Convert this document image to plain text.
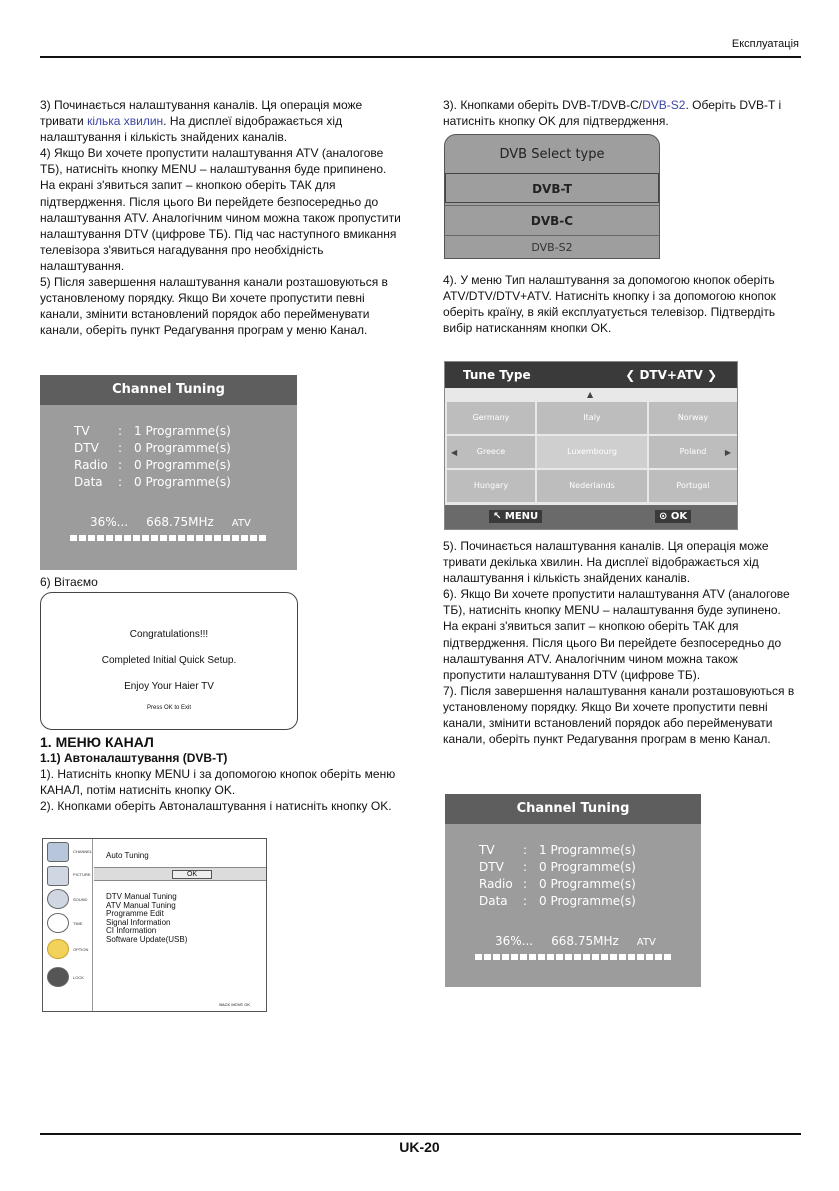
Експлуатація

3) Починається налаштування каналів. Ця операція може тривати кілька хвилин. На дисплеї відображається хід налаштування і кількість знайдених каналів.

4) Якщо Ви хочете пропустити налаштування ATV (аналогове ТБ), натисніть кнопку MENU – налаштування буде припинено. На екрані з'явиться запит – кнопкою оберіть ТАК для підтвердження. Після цього Ви перейдете безпосередньо до налаштування ATV. Аналогічним чином можна також пропустити налаштування DTV (цифрове ТБ). Під час наступного вмикання телевізора з'явиться нагадування про необхідність налаштування.

5) Після завершення налаштування канали розташовуються в установленому порядку. Якщо Ви хочете пропустити певні канали, змінити встановлений порядок або перейменувати канали, оберіть пункт Редагування програм у меню Канал.

Channel Tuning
TV : 1 Programme(s)
DTV : 0 Programme(s)
Radio : 0 Programme(s)
Data : 0 Programme(s)
36%... 668.75MHz ATV
6) Вітаємо
Congratulations!!!
Completed Initial Quick Setup.
Enjoy Your Haier TV
Press OK to Exit

1. МЕНЮ КАНАЛ

1.1) Автоналаштування (DVB-T)

1). Натисніть кнопку MENU і за допомогою кнопок оберіть меню КАНАЛ, потім натисніть кнопку OK.

2). Кнопками оберіть Автоналаштування і натисніть кнопку OK.

CHANNEL
PICTURE
SOUND
TIME
OPTION
LOCK
Auto Tuning
OK
DTV Manual Tuning
ATV Manual Tuning
Programme Edit
Signal Information
CI Information
Software Update(USB)
BACK MOVE OK

3). Кнопками оберіть DVB-T/DVB-C/DVB-S2. Оберіть DVB-T і натисніть кнопку OK для підтвердження.

DVB Select type
DVB-T
DVB-C
DVB-S2
4). У меню Тип налаштування за допомогою кнопок оберіть ATV/DTV/DTV+ATV. Натисніть кнопку і за допомогою кнопок оберіть країну, в якій експлуатується телевізор. Підтвердіть вибір натисканням кнопки OK.
Tune Type	❮ DTV+ATV ❯
▲
Germany	Italy	Norway
Greece	Luxembourg	Poland
Hungary	Nederlands	Portugal
◀	▶
↖ MENU	⊙ OK

5). Починається налаштування каналів. Ця операція може тривати декілька хвилин. На дисплеї відображається хід налаштування і кількість знайдених каналів.

6). Якщо Ви хочете пропустити налаштування ATV (аналогове ТБ), натисніть кнопку MENU – налаштування буде зупинено. На екрані з'явиться запит – кнопкою оберіть ТАК для підтвердження. Після цього Ви перейдете безпосередньо до налаштування ATV. Аналогічним чином можна також пропустити налаштування DTV (цифрове ТБ).

7). Після завершення налаштування канали розташовуються в установленому порядку. Якщо Ви хочете пропустити певні канали, змінити встановлений порядок або перейменувати канали, оберіть пункт Редагування програм в меню Канал.

Channel Tuning
TV : 1 Programme(s)
DTV : 0 Programme(s)
Radio : 0 Programme(s)
Data : 0 Programme(s)
36%... 668.75MHz ATV
UK-20
